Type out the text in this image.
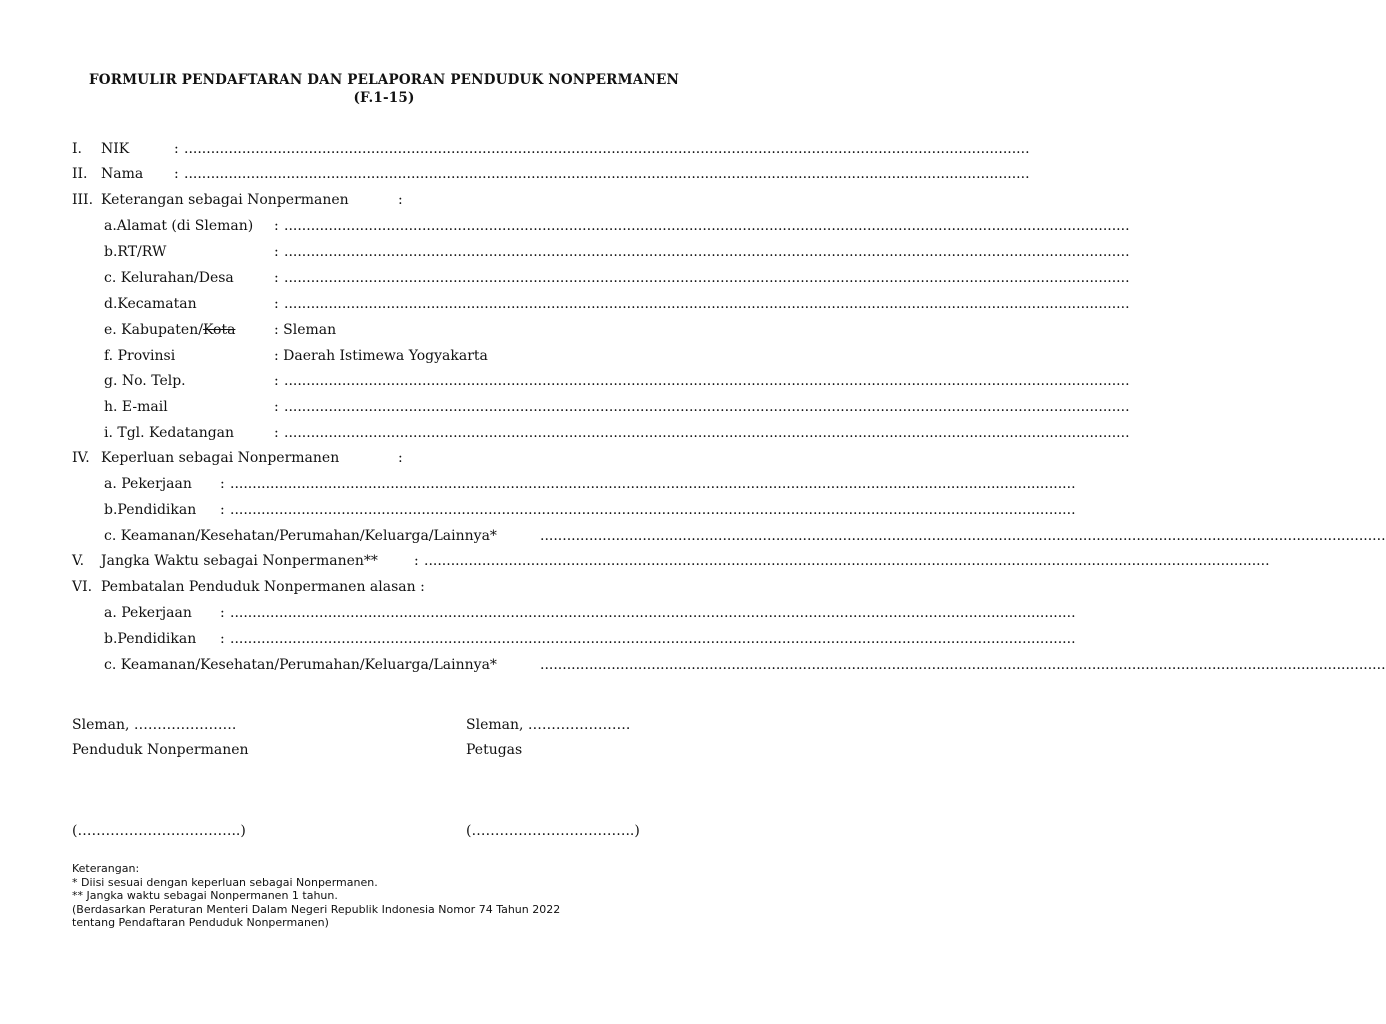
FORMULIR PENDAFTARAN DAN PELAPORAN PENDUDUK NONPERMANEN
(F.1-15)
I. NIK	: ..............................................................................................................................................................................................
II. Nama : ..............................................................................................................................................................................................
III. Keterangan sebagai Nonpermanen	:
a.Alamat (di Sleman) : ..............................................................................................................................................................................................
b.RT/RW	: ..............................................................................................................................................................................................
c. Kelurahan/Desa	: ..............................................................................................................................................................................................
d.Kecamatan	: ..............................................................................................................................................................................................
e. Kabupaten/Kota	: Sleman
f. Provinsi	: Daerah Istimewa Yogyakarta
g. No. Telp.	: ..............................................................................................................................................................................................
h. E-mail	: ..............................................................................................................................................................................................
i. Tgl. Kedatangan	: ..............................................................................................................................................................................................
IV. Keperluan sebagai Nonpermanen	:
a. Pekerjaan : ..............................................................................................................................................................................................
b.Pendidikan : ..............................................................................................................................................................................................
c. Keamanan/Kesehatan/Perumahan/Keluarga/Lainnya*	..............................................................................................................................................................................................
V. Jangka Waktu sebagai Nonpermanen**	: ..............................................................................................................................................................................................
VI. Pembatalan Penduduk Nonpermanen alasan :
a. Pekerjaan : ..............................................................................................................................................................................................
b.Pendidikan : ..............................................................................................................................................................................................
c. Keamanan/Kesehatan/Perumahan/Keluarga/Lainnya*	..............................................................................................................................................................................................
Sleman, ………………….
Penduduk Nonpermanen
(……………………………..)
Sleman, ………………….
Petugas
(……………………………..)
Keterangan:
* Diisi sesuai dengan keperluan sebagai Nonpermanen.
** Jangka waktu sebagai Nonpermanen 1 tahun.
(Berdasarkan Peraturan Menteri Dalam Negeri Republik Indonesia Nomor 74 Tahun 2022
tentang Pendaftaran Penduduk Nonpermanen)
